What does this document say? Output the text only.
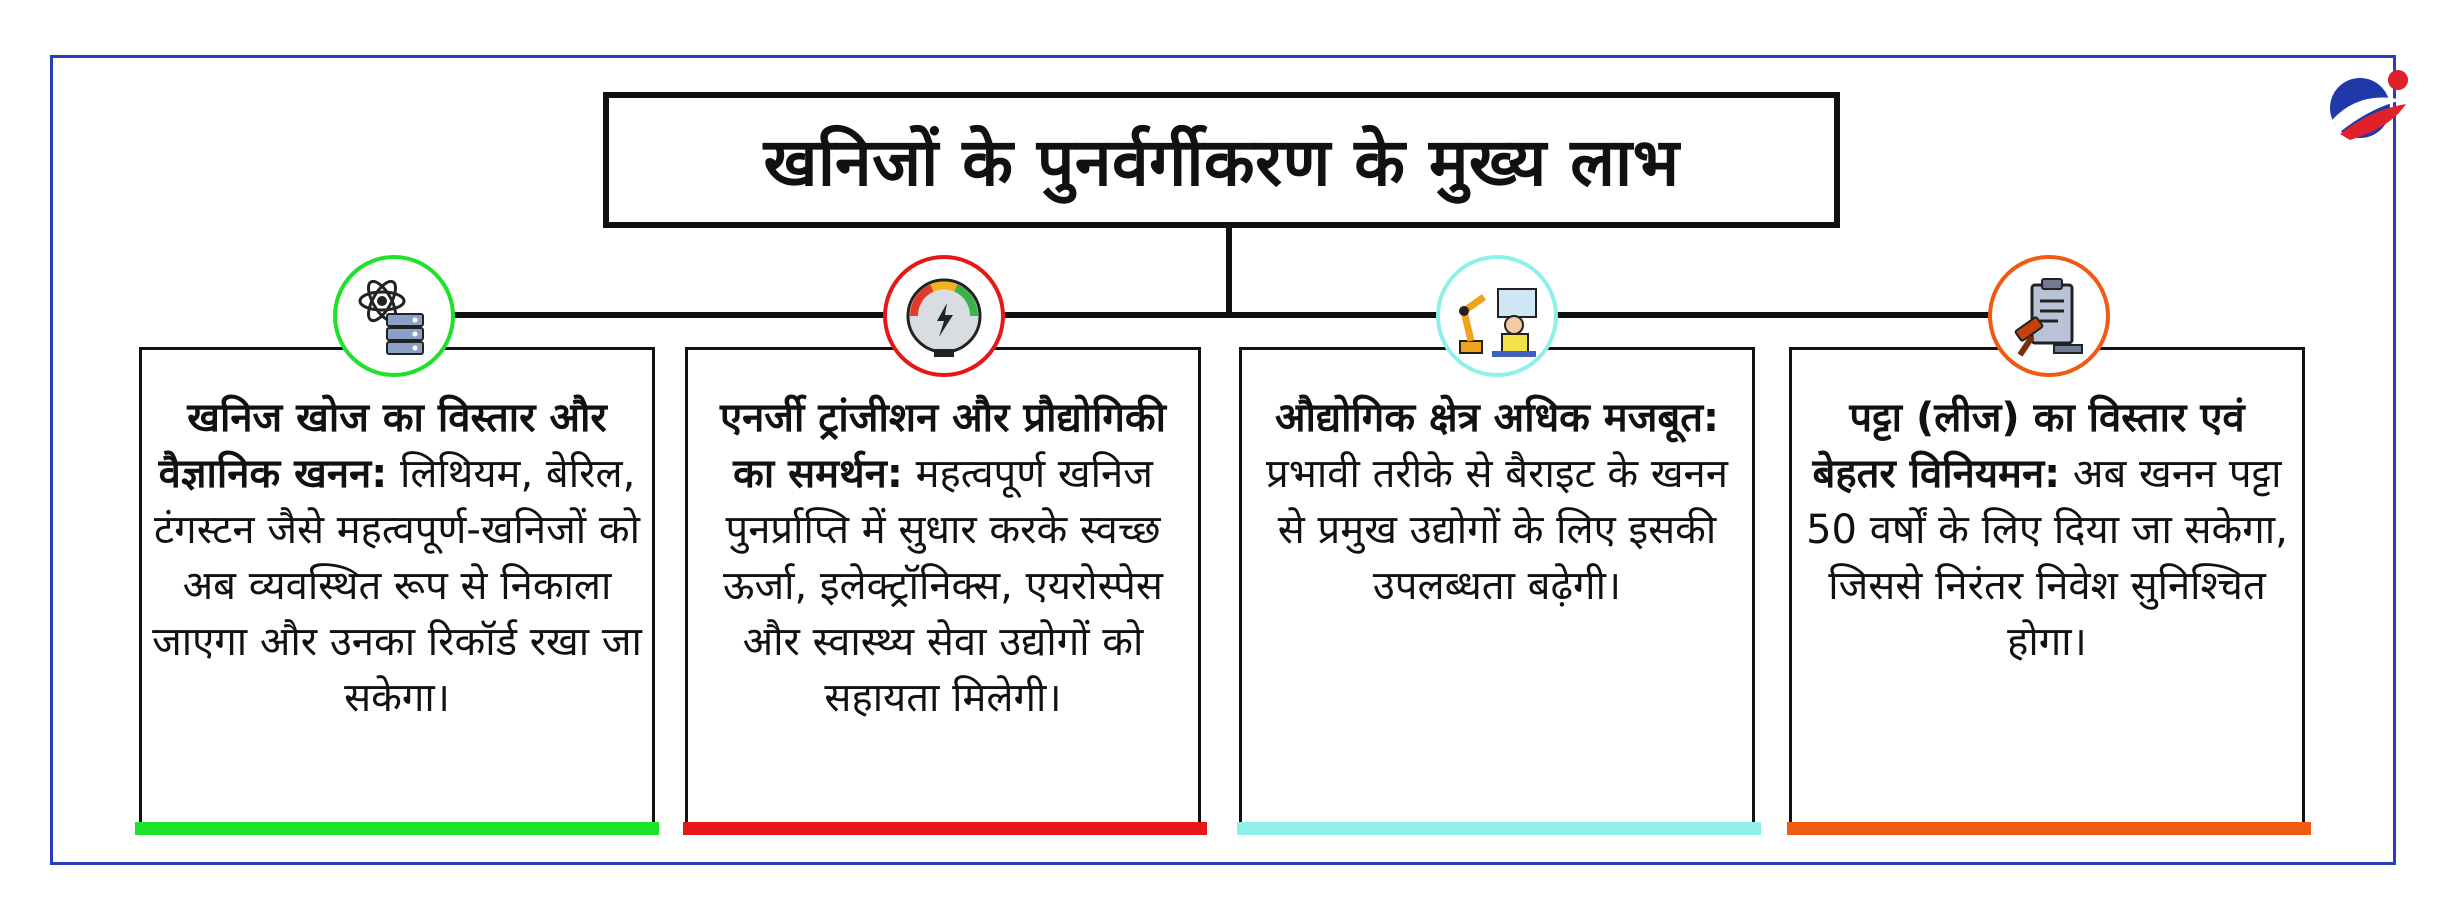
खनिजों के पुनर्वर्गीकरण के मुख्य लाभ
खनिज खोज का विस्तार और वैज्ञानिक खनन: लिथियम, बेरिल, टंगस्टन जैसे महत्वपूर्ण-खनिजों को अब व्यवस्थित रूप से निकाला जाएगा और उनका रिकॉर्ड रखा जा सकेगा।
एनर्जी ट्रांजीशन और प्रौद्योगिकी का समर्थन: महत्वपूर्ण खनिज पुनर्प्राप्ति में सुधार करके स्वच्छ ऊर्जा, इलेक्ट्रॉनिक्स, एयरोस्पेस और स्वास्थ्य सेवा उद्योगों को सहायता मिलेगी।
औद्योगिक क्षेत्र अधिक मजबूत: प्रभावी तरीके से बैराइट के खनन से प्रमुख उद्योगों के लिए इसकी उपलब्धता बढ़ेगी।
पट्टा (लीज) का विस्तार एवं बेहतर विनियमन: अब खनन पट्टा 50 वर्षों के लिए दिया जा सकेगा, जिससे निरंतर निवेश सुनिश्चित होगा।
